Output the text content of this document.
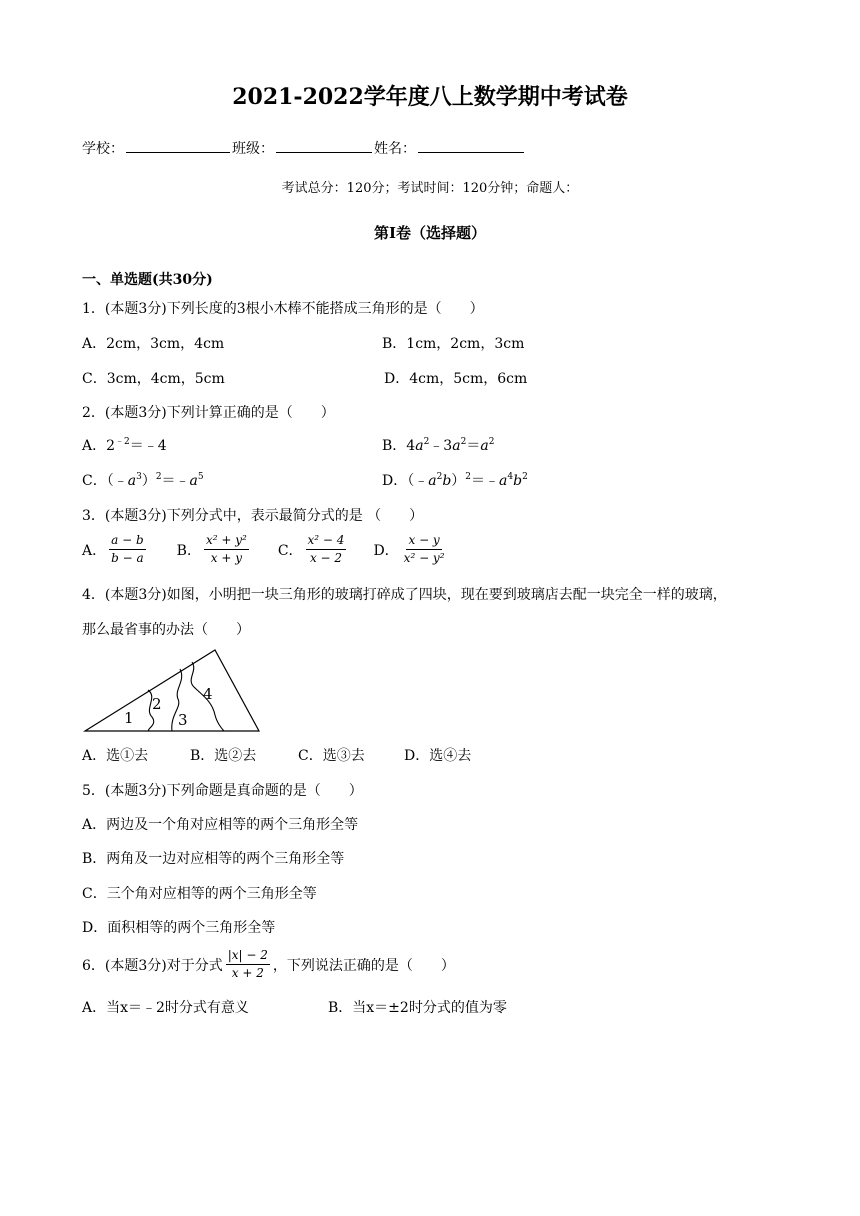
2021-2022学年度八上数学期中考试卷
学校：	班级：	姓名：
考试总分：120分；考试时间：120分钟；命题人：
第Ⅰ卷（选择题）
一、单选题(共30分)
1．(本题3分)下列长度的3根小木棒不能搭成三角形的是（　　）
A．2cm，3cm，4cm	B．1cm，2cm，3cm
C．3cm，4cm，5cm	D．4cm，5cm，6cm
2．(本题3分)下列计算正确的是（　　）
A．$2^{﹣2}=﹣4$	B．$4a^2﹣3a^2=a^2$
C．$(﹣a^3)^2=﹣a^5$	D．$(﹣a^2b)^2=﹣a^4b^2$
3．(本题3分)下列分式中，表示最简分式的是 （　　）
A． $\frac{a - b}{b - a}$ B． $\frac{\text{x² + y²}}{x + y}$ C． $\frac{\text{x² − 4}}{x - 2}$ D． $\frac{x - y}{\text{x² − y²}}$
4．(本题3分)如图，小明把一块三角形的玻璃打碎成了四块，现在要到玻璃店去配一块完全一样的玻璃，
那么最省事的办法（　　）
1
2
3
4
A．选①去	B．选②去	C．选③去	D．选④去
5．(本题3分)下列命题是真命题的是（　　）
A．两边及一个角对应相等的两个三角形全等
B．两角及一边对应相等的两个三角形全等
C．三个角对应相等的两个三角形全等
D．面积相等的两个三角形全等
6．(本题3分)对于分式 $\frac{|x| - 2}{x + 2}$ ，下列说法正确的是（　　）
A．当x＝﹣2时分式有意义	B．当x＝±2时分式的值为零
